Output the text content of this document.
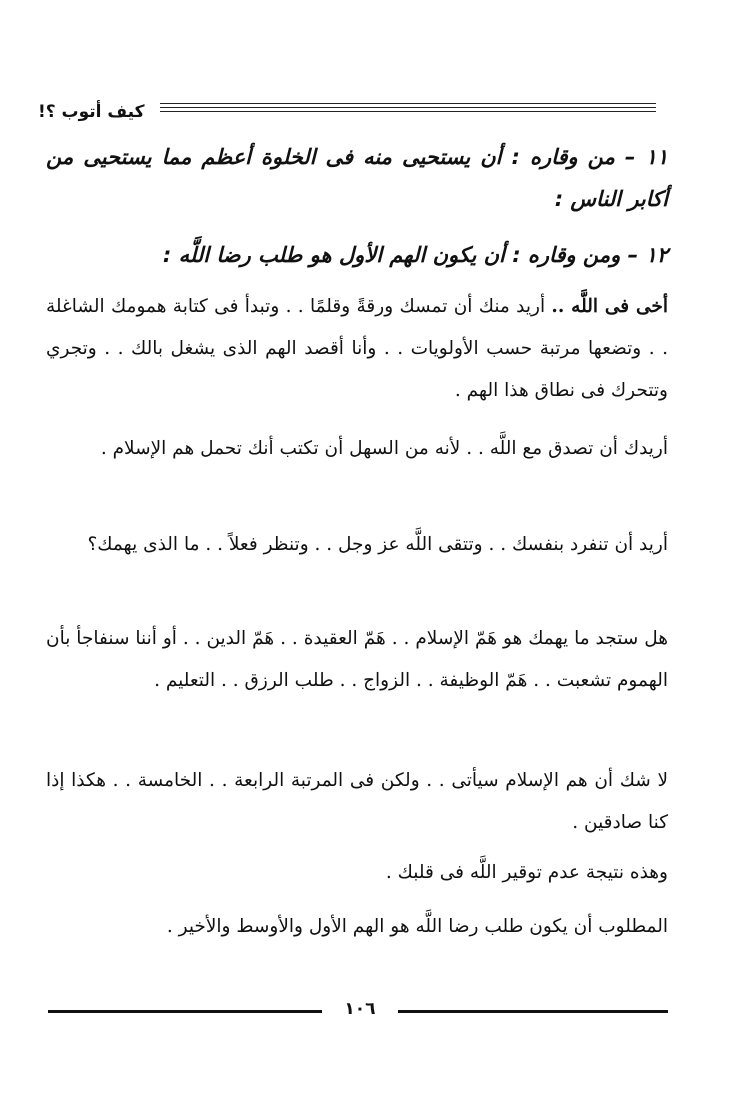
كيف أتوب ؟!
١١ – من وقاره : أن يستحيى منه فى الخلوة أعظم مما يستحيى من أكابر الناس :
١٢ – ومن وقاره : أن يكون الهم الأول هو طلب رضا اللَّه :
أخى فى اللَّه .. أريد منك أن تمسك ورقةً وقلمًا . . وتبدأ فى كتابة همومك الشاغلة . . وتضعها مرتبة حسب الأولويات . . وأنا أقصد الهم الذى يشغل بالك . . وتجري وتتحرك فى نطاق هذا الهم .
أريدك أن تصدق مع اللَّه . . لأنه من السهل أن تكتب أنك تحمل هم الإسلام .
أريد أن تنفرد بنفسك . . وتتقى اللَّه عز وجل . . وتنظر فعلاً . . ما الذى يهمك؟
هل ستجد ما يهمك هو هَمّ الإسلام . . هَمّ العقيدة . . هَمّ الدين . . أو أننا سنفاجأ بأن الهموم تشعبت . . هَمّ الوظيفة . . الزواج . . طلب الرزق . . التعليم .
لا شك أن هم الإسلام سيأتى . . ولكن فى المرتبة الرابعة . . الخامسة . . هكذا إذا كنا صادقين .
وهذه نتيجة عدم توقير اللَّه فى قلبك .
المطلوب أن يكون طلب رضا اللَّه هو الهم الأول والأوسط والأخير .
١٠٦
